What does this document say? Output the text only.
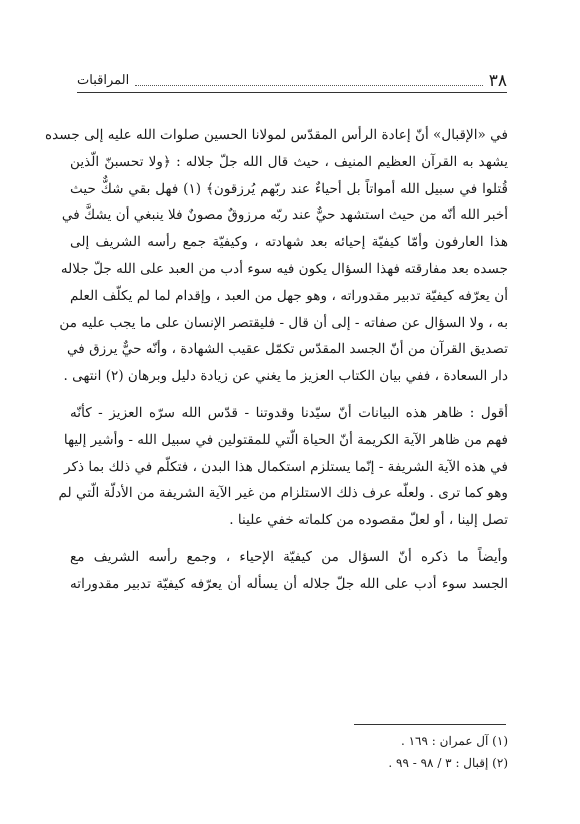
٣٨
المراقبات
في «الإقبال» أنّ إعادة الرأس المقدّس لمولانا الحسين صلوات الله عليه إلى جسده
يشهد به القرآن العظيم المنيف ، حيث قال الله جلّ جلاله : ﴿ولا تحسبنّ الّذين
قُتلوا في سبيل الله أمواتاً بل أحياءٌ عند ربّهم يُرزقون﴾ (١) فهل بقي شكٌّ حيث
أخبر الله أنّه من حيث استشهد حيٌّ عند ربّه مرزوقٌ مصونٌ فلا ينبغي أن يشكَّ في
هذا العارفون وأمّا كيفيّة إحيائه بعد شهادته ، وكيفيّة جمع رأسه الشريف إلى
جسده بعد مفارقته فهذا السؤال يكون فيه سوء أدب من العبد على الله جلّ جلاله
أن يعرّفه كيفيّة تدبير مقدوراته ، وهو جهل من العبد ، وإقدام لما لم يكلّف العلم
به ، ولا السؤال عن صفاته - إلى أن قال - فليقتصر الإنسان على ما يجب عليه من
تصديق القرآن من أنّ الجسد المقدّس تكمّل عقيب الشهادة ، وأنّه حيٌّ يرزق في
دار السعادة ، ففي بيان الكتاب العزيز ما يغني عن زيادة دليل وبرهان (٢) انتهى .
أقول : ظاهر هذه البيانات أنّ سيّدنا وقدوتنا - قدّس الله سرّه العزيز - كأنّه
فهم من ظاهر الآية الكريمة أنّ الحياة الّتي للمقتولين في سبيل الله - وأشير إليها
في هذه الآية الشريفة - إنّما يستلزم استكمال هذا البدن ، فتكلّم في ذلك بما ذكر
وهو كما ترى . ولعلّه عرف ذلك الاستلزام من غير الآية الشريفة من الأدلّة الّتي لم
تصل إلينا ، أو لعلّ مقصوده من كلماته خفي علينا .
وأيضاً ما ذكره أنّ السؤال من كيفيّة الإحياء ، وجمع رأسه الشريف مع
الجسد سوء أدب على الله جلّ جلاله أن يسأله أن يعرّفه كيفيّة تدبير مقدوراته
(١) آل عمران : ١٦٩ .
(٢) إقبال : ٣ / ٩٨ - ٩٩ .
